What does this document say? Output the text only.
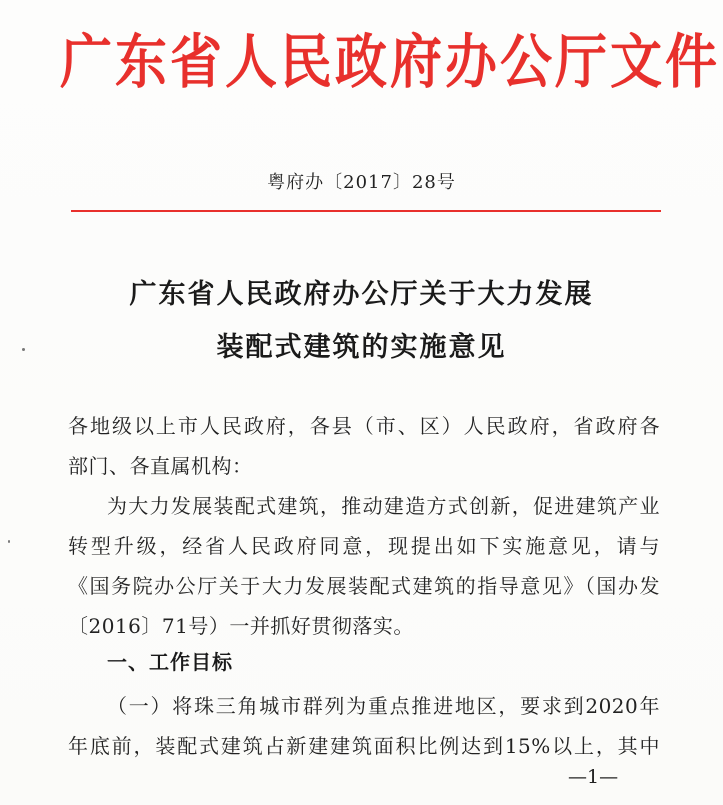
广东省人民政府办公厅文件
粤府办〔2017〕28号
广东省人民政府办公厅关于大力发展
装配式建筑的实施意见
各地级以上市人民政府，各县（市、区）人民政府，省政府各
部门、各直属机构：
为大力发展装配式建筑，推动建造方式创新，促进建筑产业
转型升级，经省人民政府同意，现提出如下实施意见，请与
《国务院办公厅关于大力发展装配式建筑的指导意见》（国办发
〔2016〕71号）一并抓好贯彻落实。
一、工作目标
（一）将珠三角城市群列为重点推进地区，要求到2020年
年底前，装配式建筑占新建建筑面积比例达到15%以上，其中
—1—
